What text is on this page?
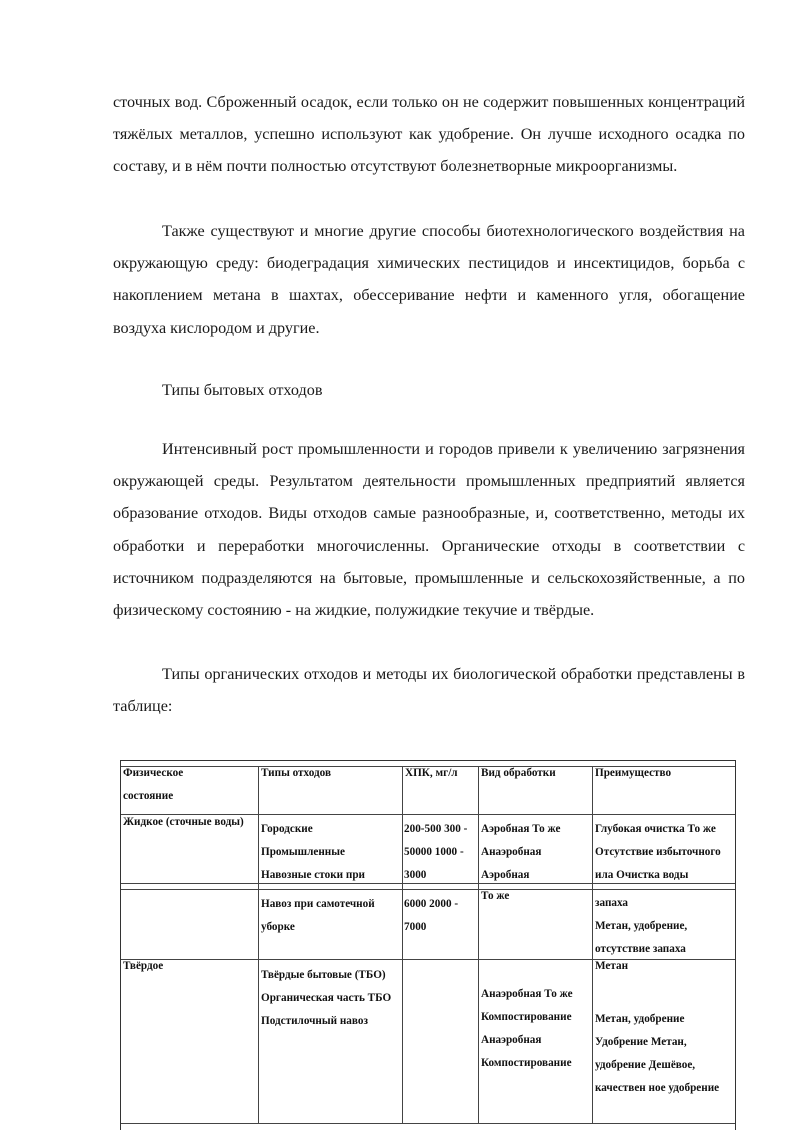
сточных вод. Сброженный осадок, если только он не содержит повышенных концентраций тяжёлых металлов, успешно используют как удобрение. Он лучше исходного осадка по составу, и в нём почти полностью отсутствуют болезнетворные микроорганизмы.

Также существуют и многие другие способы биотехнологического воздействия на окружающую среду: биодеградация химических пестицидов и инсектицидов, борьба с накоплением метана в шахтах, обессеривание нефти и каменного угля, обогащение воздуха кислородом и другие.

Типы бытовых отходов

Интенсивный рост промышленности и городов привели к увеличению загрязнения окружающей среды. Результатом деятельности промышленных предприятий является образование отходов. Виды отходов самые разнообразные, и, соответственно, методы их обработки и переработки многочисленны. Органические отходы в соответствии с источником подразделяются на бытовые, промышленные и сельскохозяйственные, а по физическому состоянию - на жидкие, полужидкие текучие и твёрдые.

Типы органических отходов и методы их биологической обработки представлены в таблице:

Физическое
состояние
Типы отходов	ХПК, мг/л Вид обработки	Преимущество
Жидкое (сточные воды)
Городские
Промышленные
Навозные стоки при
200-500 300 -
50000 1000 -
3000
Аэробная То же
Анаэробная
Аэробная
Глубокая очистка То же
Отсутствие избыточного
ила Очистка воды
Навоз при самотечной
уборке
6000 2000 -
7000
То же
запаха
Метан, удобрение,
отсутствие запаха
Твёрдое
Твёрдые бытовые (ТБО)
Органическая часть ТБО
Подстилочный навоз
Анаэробная То же
Компостирование
Анаэробная
Компостирование
Метан
Метан, удобрение
Удобрение Метан,
удобрение Дешёвое,
качествен ное удобрение
